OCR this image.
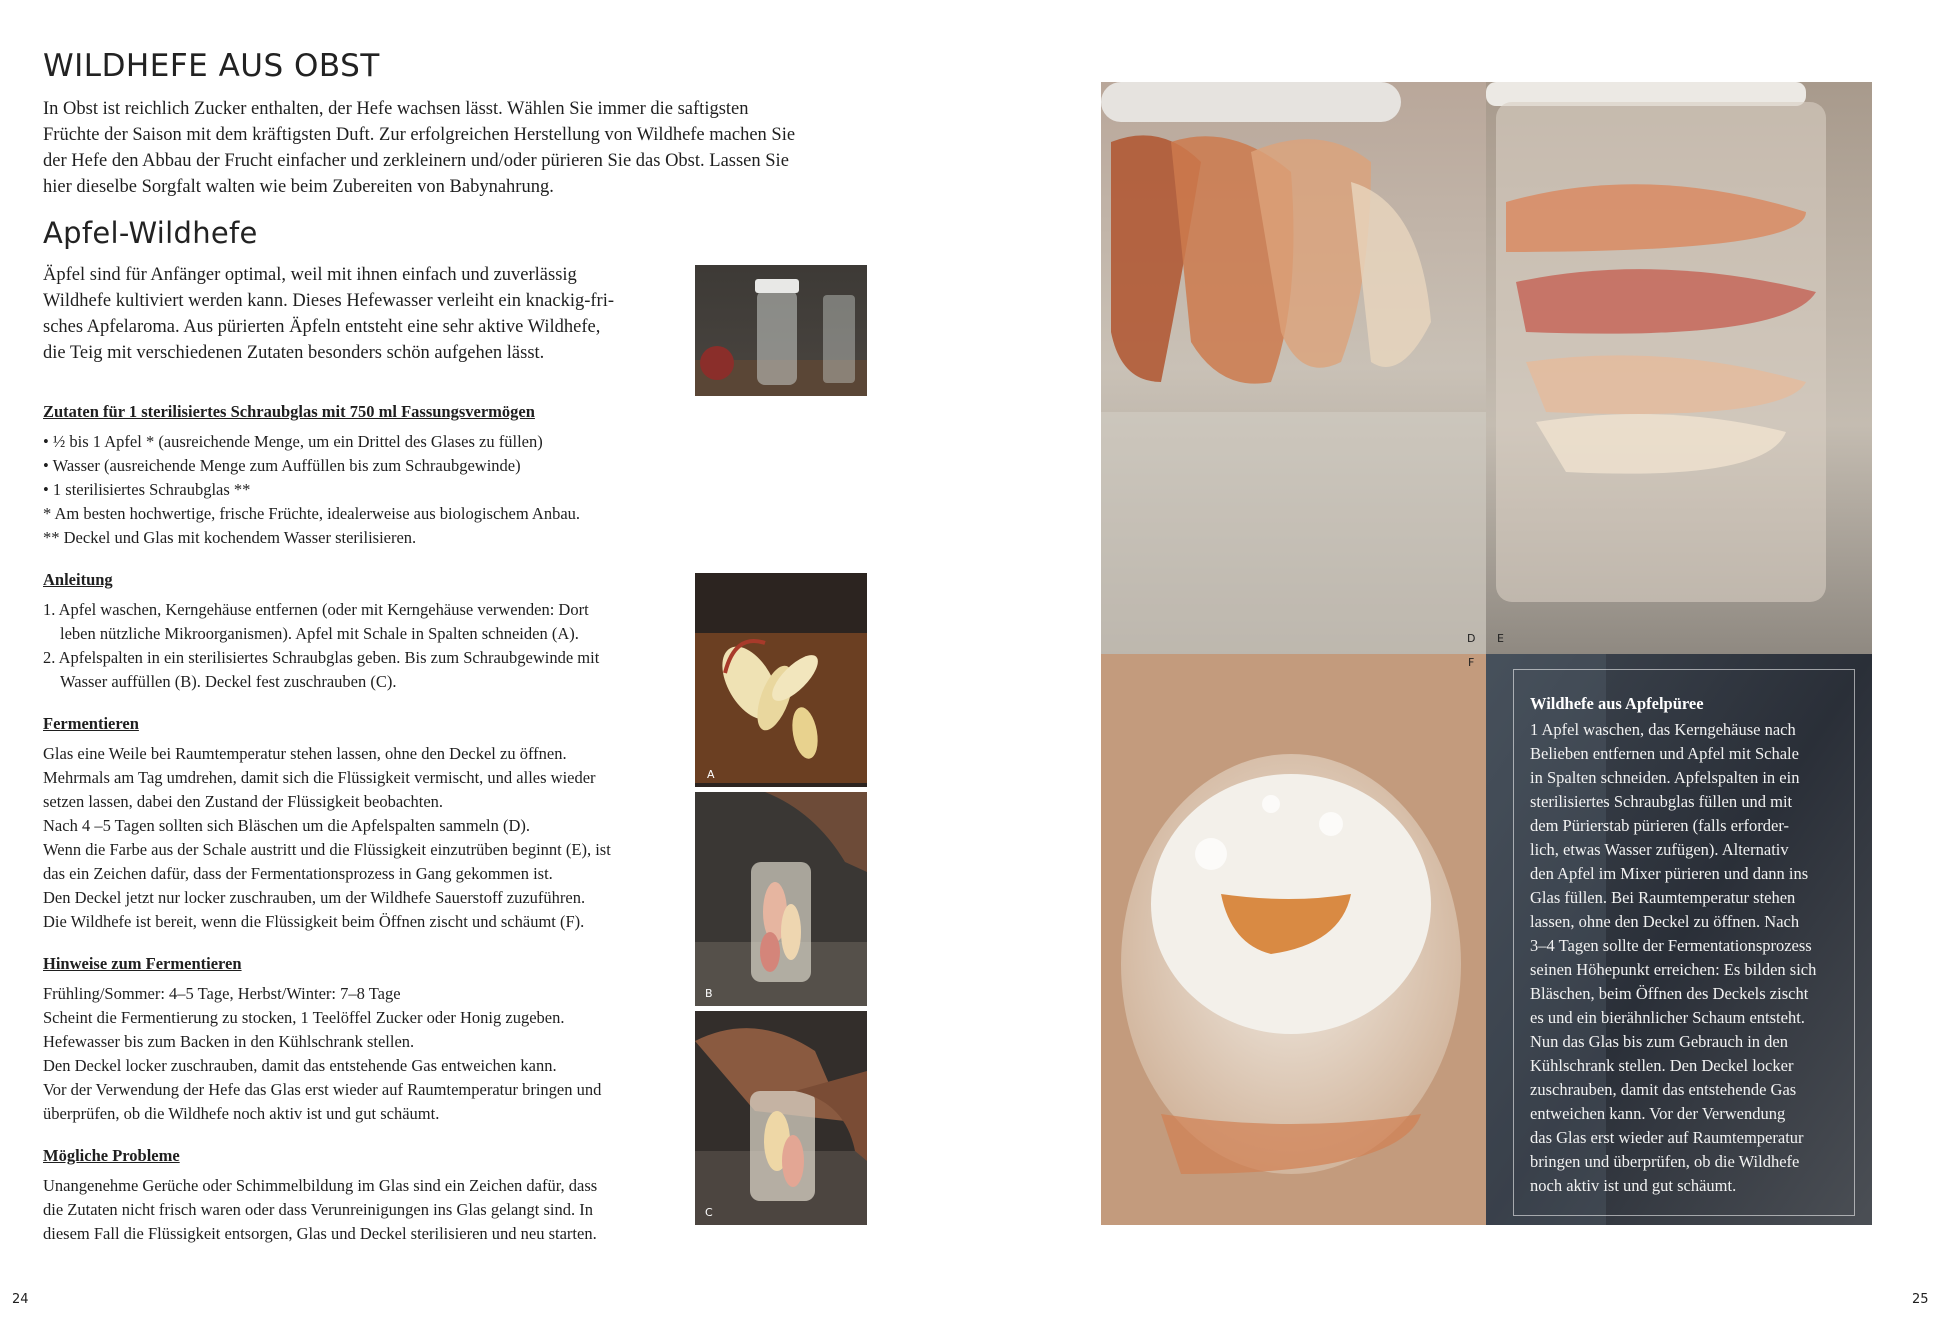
WILDHEFE AUS OBST
In Obst ist reichlich Zucker enthalten, der Hefe wachsen lässt. Wählen Sie immer die saftigsten
Früchte der Saison mit dem kräftigsten Duft. Zur erfolgreichen Herstellung von Wildhefe machen Sie
der Hefe den Abbau der Frucht einfacher und zerkleinern und/oder pürieren Sie das Obst. Lassen Sie
hier dieselbe Sorgfalt walten wie beim Zubereiten von Babynahrung.
Apfel-Wildhefe
Äpfel sind für Anfänger optimal, weil mit ihnen einfach und zuverlässig
Wildhefe kultiviert werden kann. Dieses Hefewasser verleiht ein knackig-fri-
sches Apfelaroma. Aus pürierten Äpfeln entsteht eine sehr aktive Wildhefe,
die Teig mit verschiedenen Zutaten besonders schön aufgehen lässt.
Zutaten für 1 sterilisiertes Schraubglas mit 750 ml Fassungsvermögen
• ½ bis 1 Apfel * (ausreichende Menge, um ein Drittel des Glases zu füllen)
• Wasser (ausreichende Menge zum Auffüllen bis zum Schraubgewinde)
• 1 sterilisiertes Schraubglas **
* Am besten hochwertige, frische Früchte, idealerweise aus biologischem Anbau.
** Deckel und Glas mit kochendem Wasser sterilisieren.
Anleitung
1. Apfel waschen, Kerngehäuse entfernen (oder mit Kerngehäuse verwenden: Dort
leben nützliche Mikroorganismen). Apfel mit Schale in Spalten schneiden (A).
2. Apfelspalten in ein sterilisiertes Schraubglas geben. Bis zum Schraubgewinde mit
Wasser auffüllen (B). Deckel fest zuschrauben (C).
Fermentieren
Glas eine Weile bei Raumtemperatur stehen lassen, ohne den Deckel zu öffnen.
Mehrmals am Tag umdrehen, damit sich die Flüssigkeit vermischt, und alles wieder
setzen lassen, dabei den Zustand der Flüssigkeit beobachten.
Nach 4 –5 Tagen sollten sich Bläschen um die Apfelspalten sammeln (D).
Wenn die Farbe aus der Schale austritt und die Flüssigkeit einzutrüben beginnt (E), ist
das ein Zeichen dafür, dass der Fermentationsprozess in Gang gekommen ist.
Den Deckel jetzt nur locker zuschrauben, um der Wildhefe Sauerstoff zuzuführen.
Die Wildhefe ist bereit, wenn die Flüssigkeit beim Öffnen zischt und schäumt (F).
Hinweise zum Fermentieren
Frühling/Sommer: 4–5 Tage, Herbst/Winter: 7–8 Tage
Scheint die Fermentierung zu stocken, 1 Teelöffel Zucker oder Honig zugeben.
Hefewasser bis zum Backen in den Kühlschrank stellen.
Den Deckel locker zuschrauben, damit das entstehende Gas entweichen kann.
Vor der Verwendung der Hefe das Glas erst wieder auf Raumtemperatur bringen und
überprüfen, ob die Wildhefe noch aktiv ist und gut schäumt.
Mögliche Probleme
Unangenehme Gerüche oder Schimmelbildung im Glas sind ein Zeichen dafür, dass
die Zutaten nicht frisch waren oder dass Verunreinigungen ins Glas gelangt sind. In
diesem Fall die Flüssigkeit entsorgen, Glas und Deckel sterilisieren und neu starten.
A
B
C
24
Wildhefe aus Apfelpüree
1 Apfel waschen, das Kerngehäuse nach
Belieben entfernen und Apfel mit Schale
in Spalten schneiden. Apfelspalten in ein
sterilisiertes Schraubglas füllen und mit
dem Pürierstab pürieren (falls erforder-
lich, etwas Wasser zufügen). Alternativ
den Apfel im Mixer pürieren und dann ins
Glas füllen. Bei Raumtemperatur stehen
lassen, ohne den Deckel zu öffnen. Nach
3–4 Tagen sollte der Fermentationsprozess
seinen Höhepunkt erreichen: Es bilden sich
Bläschen, beim Öffnen des Deckels zischt
es und ein bierähnlicher Schaum entsteht.
Nun das Glas bis zum Gebrauch in den
Kühlschrank stellen. Den Deckel locker
zuschrauben, damit das entstehende Gas
entweichen kann. Vor der Verwendung
das Glas erst wieder auf Raumtemperatur
bringen und überprüfen, ob die Wildhefe
noch aktiv ist und gut schäumt.
D E
F
25
